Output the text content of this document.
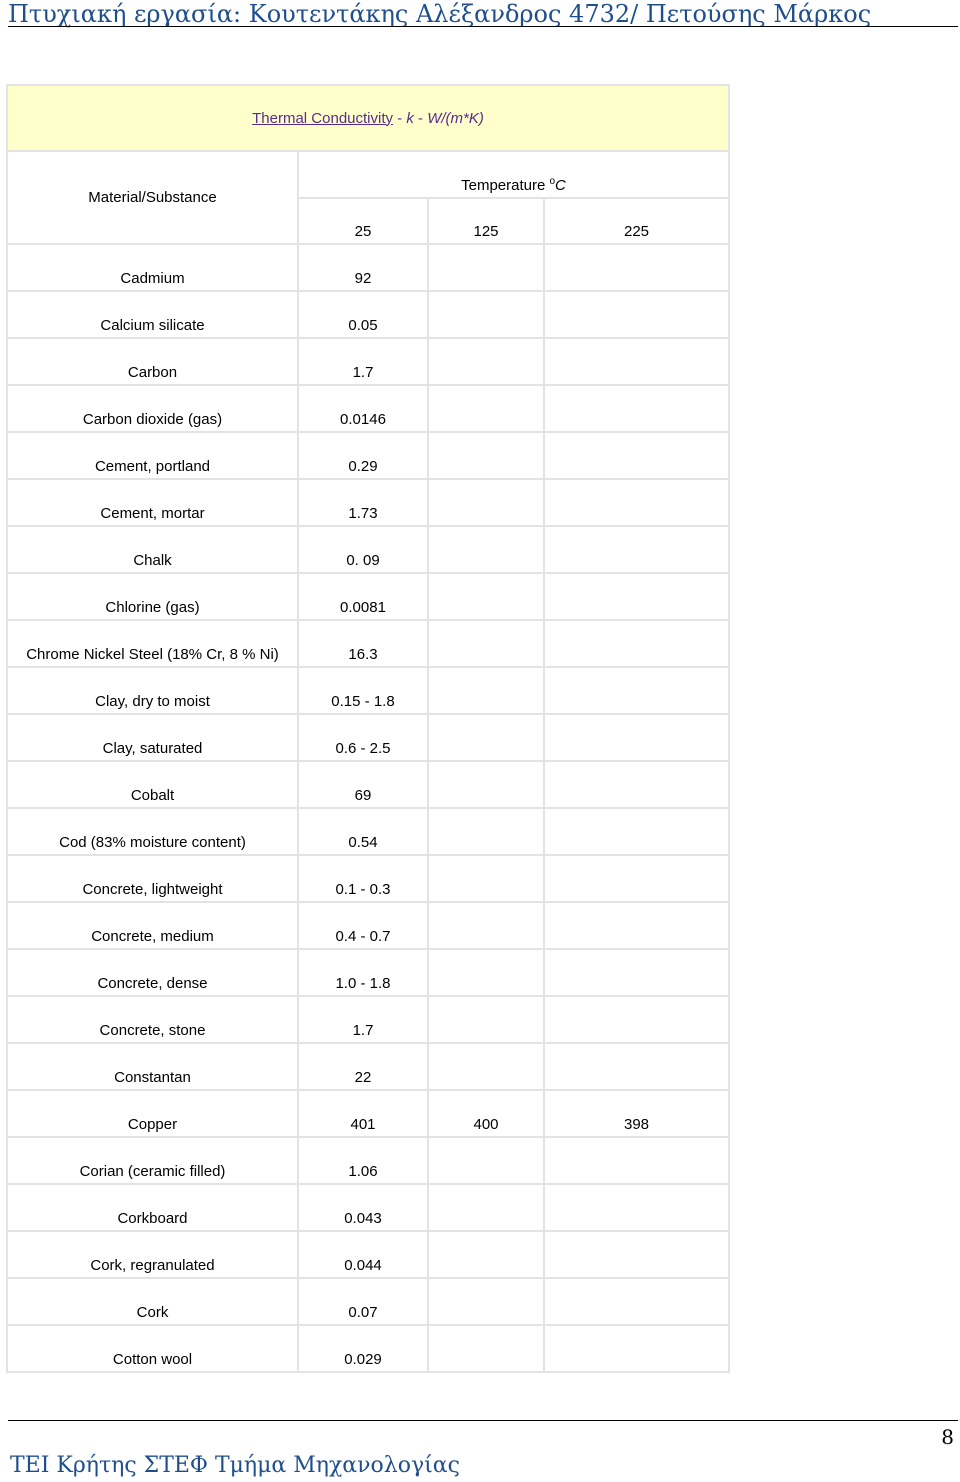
Πτυχιακή εργασία: Κουτεντάκης Αλέξανδρος 4732/ Πετούσης Μάρκος
Thermal Conductivity - k - W/(m*K)			
Material/Substance	Temperature $^o$C		
	25	125	225
Cadmium	92		
Calcium silicate	0.05		
Carbon	1.7		
Carbon dioxide (gas)	0.0146		
Cement, portland	0.29		
Cement, mortar	1.73		
Chalk	0. 09		
Chlorine (gas)	0.0081		
Chrome Nickel Steel (18% Cr, 8 % Ni)	16.3		
Clay, dry to moist	0.15 - 1.8		
Clay, saturated	0.6 - 2.5		
Cobalt	69		
Cod (83% moisture content)	0.54		
Concrete, lightweight	0.1 - 0.3		
Concrete, medium	0.4 - 0.7		
Concrete, dense	1.0 - 1.8		
Concrete, stone	1.7		
Constantan	22		
Copper	401	400	398
Corian (ceramic filled)	1.06		
Corkboard	0.043		
Cork, regranulated	0.044		
Cork	0.07		
Cotton wool	0.029		
8
ΤΕΙ Κρήτης ΣΤΕΦ Τμήμα Μηχανολογίας
